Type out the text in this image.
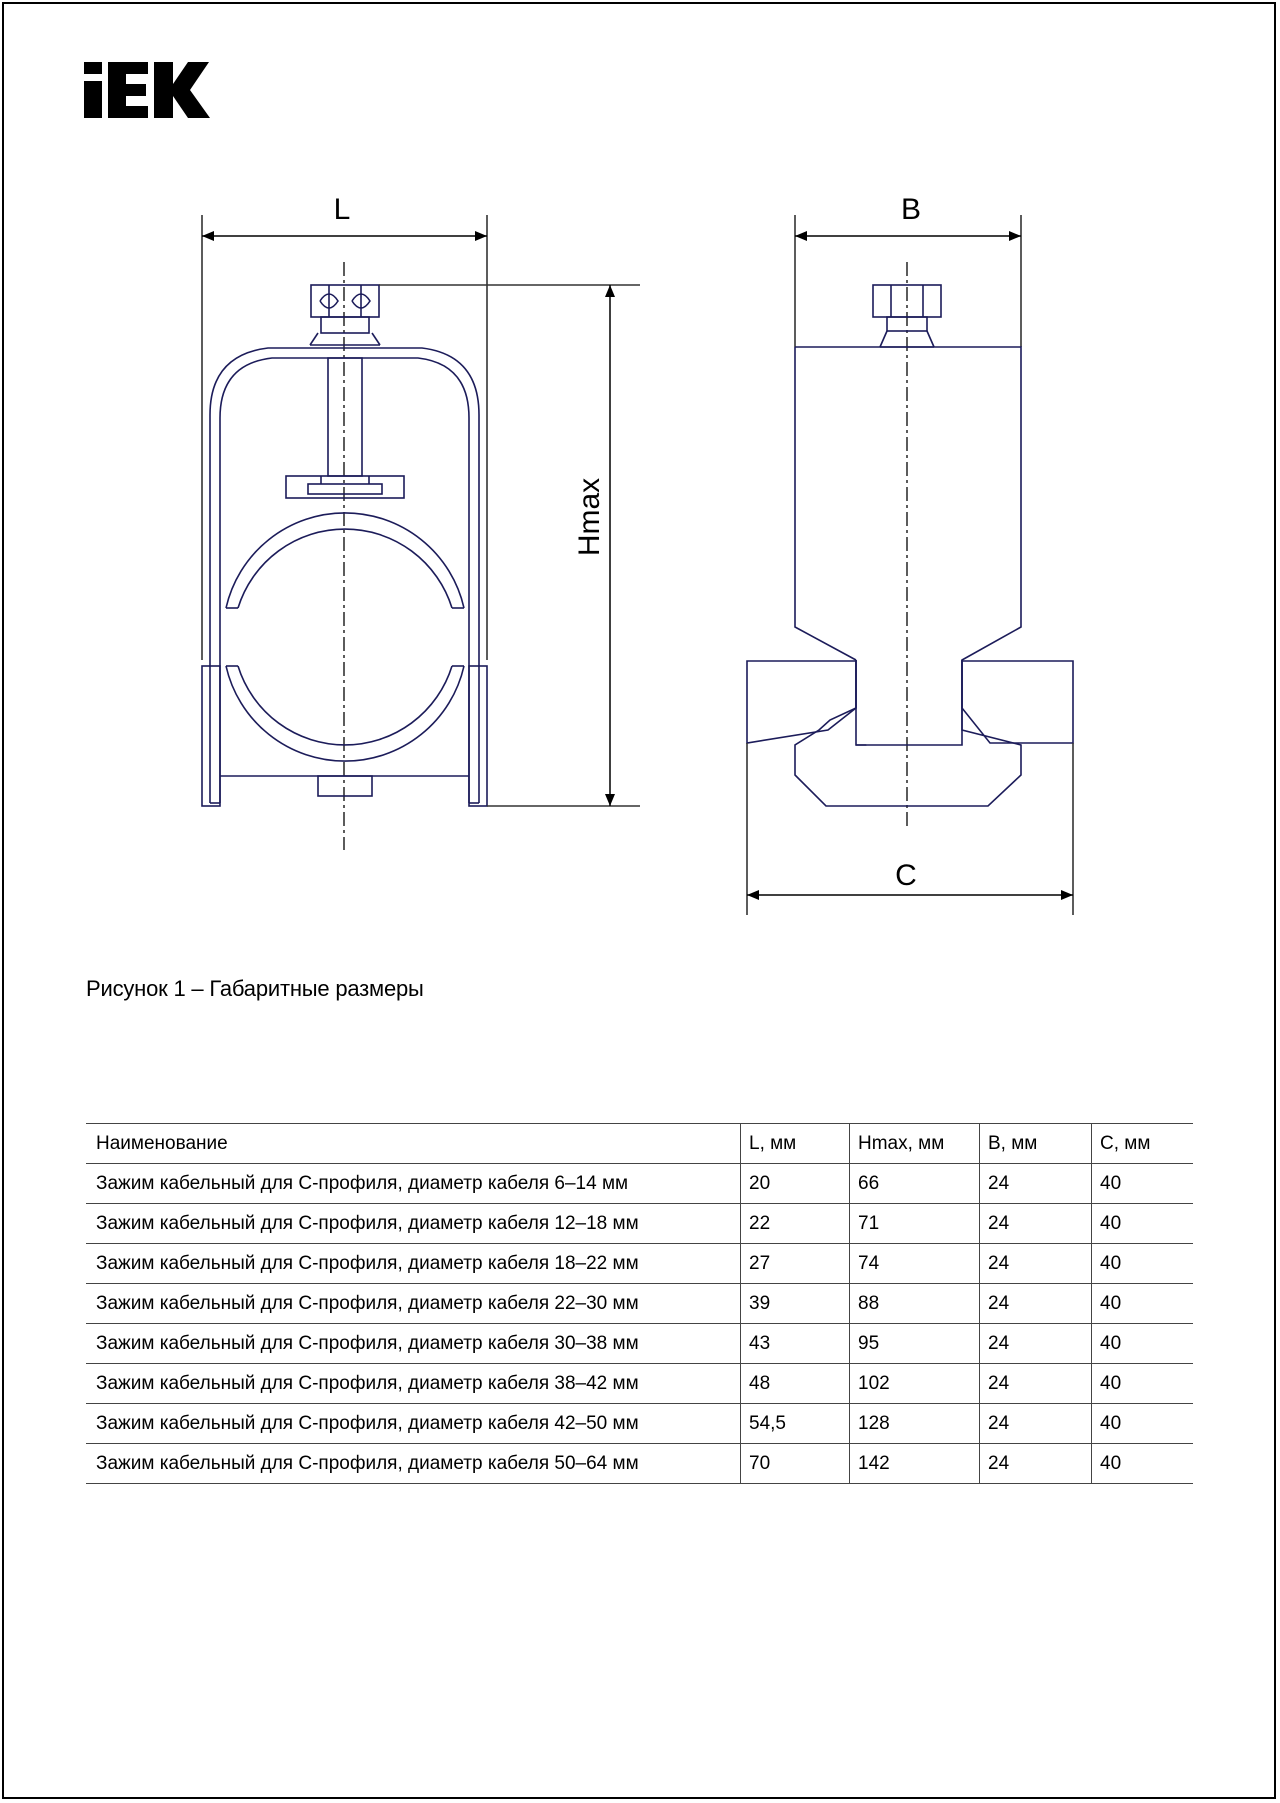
L	B
C
Hmax
Рисунок 1 – Габаритные размеры
Наименование	L, мм	Hmax, мм	B, мм	C, мм
Зажим кабельный для С-профиля, диаметр кабеля 6–14 мм	20	66	24	40
Зажим кабельный для С-профиля, диаметр кабеля 12–18 мм	22	71	24	40
Зажим кабельный для С-профиля, диаметр кабеля 18–22 мм	27	74	24	40
Зажим кабельный для С-профиля, диаметр кабеля 22–30 мм	39	88	24	40
Зажим кабельный для С-профиля, диаметр кабеля 30–38 мм	43	95	24	40
Зажим кабельный для С-профиля, диаметр кабеля 38–42 мм	48	102	24	40
Зажим кабельный для С-профиля, диаметр кабеля 42–50 мм	54,5	128	24	40
Зажим кабельный для С-профиля, диаметр кабеля 50–64 мм	70	142	24	40
